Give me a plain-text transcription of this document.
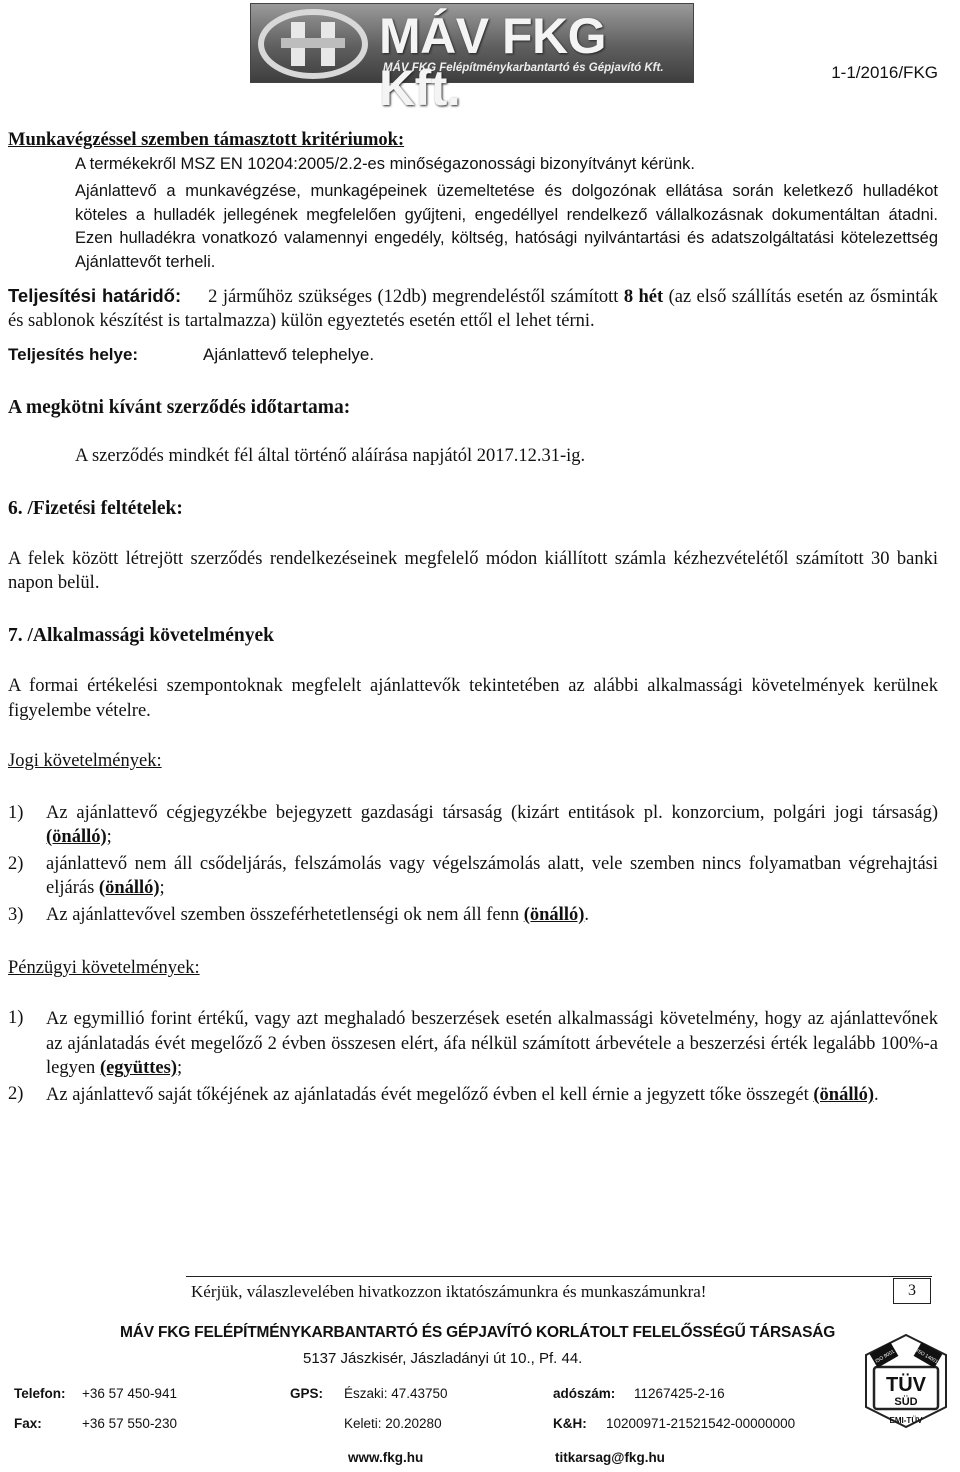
MÁV FKG Kft.
MÁV FKG Felépítménykarbantartó és Gépjavító Kft.	1-1/2016/FKG
Munkavégzéssel szemben támasztott kritériumok:
A termékekről MSZ EN 10204:2005/2.2-es minőségazonossági bizonyítványt kérünk.
Ajánlattevő a munkavégzése, munkagépeinek üzemeltetése és dolgozónak ellátása során keletkező hulladékot köteles a hulladék jellegének megfelelően gyűjteni, engedéllyel rendelkező vállalkozásnak dokumentáltan átadni. Ezen hulladékra vonatkozó valamennyi engedély, költség, hatósági nyilvántartási és adatszolgáltatási kötelezettség Ajánlattevőt terheli.
Teljesítési határidő: 2 járműhöz szükséges (12db) megrendeléstől számított 8 hét (az első szállítás esetén az ősminták és sablonok készítést is tartalmazza) külön egyeztetés esetén ettől el lehet térni.
Teljesítés helye:	Ajánlattevő telephelye.
A megkötni kívánt szerződés időtartama:
A szerződés mindkét fél által történő aláírása napjától 2017.12.31-ig.
6. /Fizetési feltételek:
A felek között létrejött szerződés rendelkezéseinek megfelelő módon kiállított számla kézhezvételétől számított 30 banki napon belül.
7. /Alkalmassági követelmények
A formai értékelési szempontoknak megfelelt ajánlattevők tekintetében az alábbi alkalmassági követelmények kerülnek figyelembe vételre.
Jogi követelmények:
1) Az ajánlattevő cégjegyzékbe bejegyzett gazdasági társaság (kizárt entitások pl. konzorcium, polgári jogi társaság) (önálló);
2) ajánlattevő nem áll csődeljárás, felszámolás vagy végelszámolás alatt, vele szemben nincs folyamatban végrehajtási eljárás (önálló);
3) Az ajánlattevővel szemben összeférhetetlenségi ok nem áll fenn (önálló).
Pénzügyi követelmények:
1) Az egymillió forint értékű, vagy azt meghaladó beszerzések esetén alkalmassági követelmény, hogy az ajánlattevőnek az ajánlatadás évét megelőző 2 évben összesen elért, áfa nélkül számított árbevétele a beszerzési érték legalább 100%-a legyen (együttes);
2) Az ajánlattevő saját tőkéjének az ajánlatadás évét megelőző évben el kell érnie a jegyzett tőke összegét (önálló).
Kérjük, válaszlevelében hivatkozzon iktatószámunkra és munkaszámunkra!	3
MÁV FKG FELÉPÍTMÉNYKARBANTARTÓ ÉS GÉPJAVÍTÓ KORLÁTOLT FELELŐSSÉGŰ TÁRSASÁG
5137 Jászkisér, Jászladányi út 10., Pf. 44.
Telefon: +36 57 450-941
Fax:	+36 57 550-230
GPS: Északi: 47.43750
Keleti: 20.20280
adószám: 11267425-2-16
K&H: 10200971-21521542-00000000
www.fkg.hu	titkarsag@fkg.hu
TÜV
SÜD
EMI-TÜV
ISO 9001	ISO 14001
